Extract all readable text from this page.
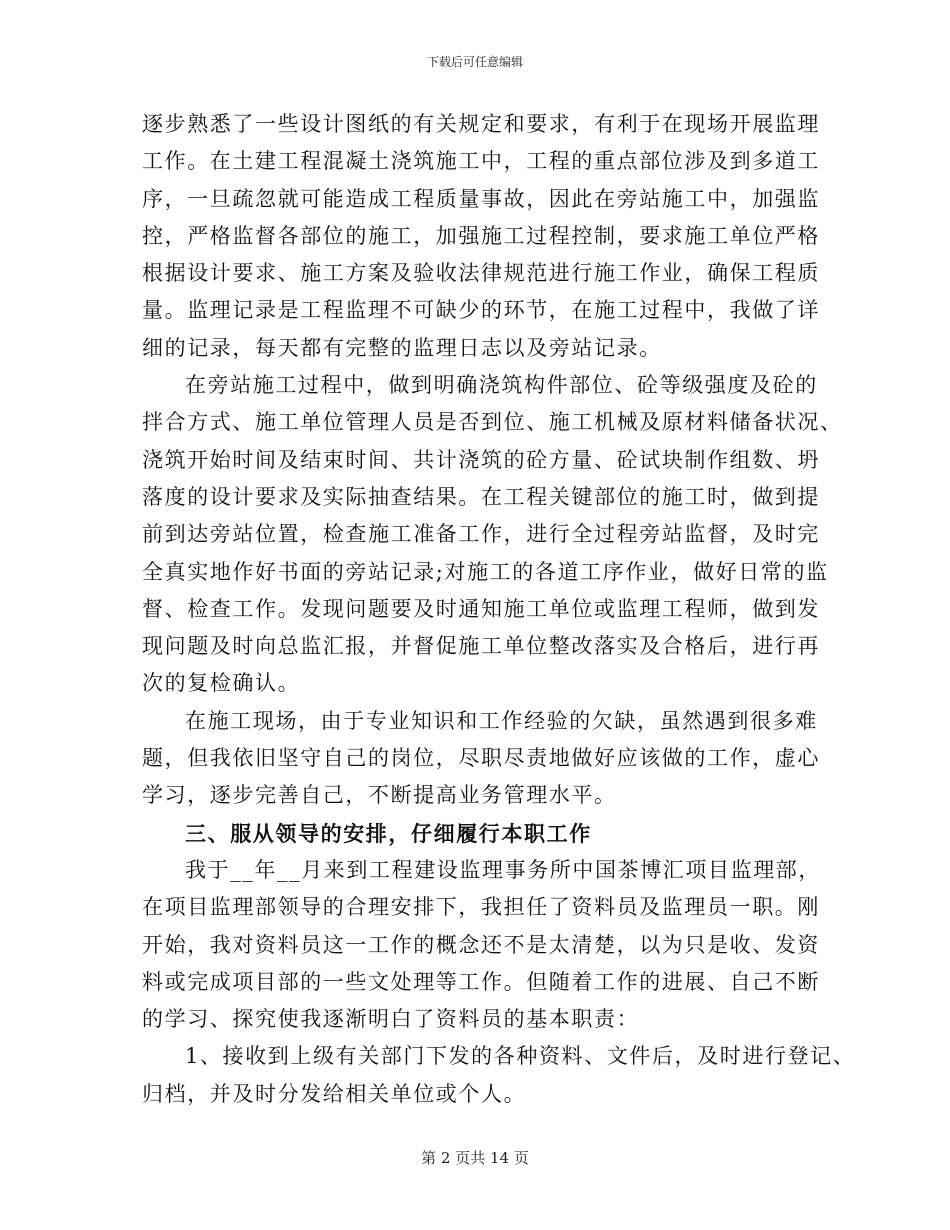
下载后可任意编辑
逐步熟悉了一些设计图纸的有关规定和要求，有利于在现场开展监理
工作。在土建工程混凝土浇筑施工中，工程的重点部位涉及到多道工
序，一旦疏忽就可能造成工程质量事故，因此在旁站施工中，加强监
控，严格监督各部位的施工，加强施工过程控制，要求施工单位严格
根据设计要求、施工方案及验收法律规范进行施工作业，确保工程质
量。监理记录是工程监理不可缺少的环节，在施工过程中，我做了详
细的记录，每天都有完整的监理日志以及旁站记录。
在旁站施工过程中，做到明确浇筑构件部位、砼等级强度及砼的
拌合方式、施工单位管理人员是否到位、施工机械及原材料储备状况、
浇筑开始时间及结束时间、共计浇筑的砼方量、砼试块制作组数、坍
落度的设计要求及实际抽查结果。在工程关键部位的施工时，做到提
前到达旁站位置，检查施工准备工作，进行全过程旁站监督，及时完
全真实地作好书面的旁站记录;对施工的各道工序作业，做好日常的监
督、检查工作。发现问题要及时通知施工单位或监理工程师，做到发
现问题及时向总监汇报，并督促施工单位整改落实及合格后，进行再
次的复检确认。
在施工现场，由于专业知识和工作经验的欠缺，虽然遇到很多难
题，但我依旧坚守自己的岗位，尽职尽责地做好应该做的工作，虚心
学习，逐步完善自己，不断提高业务管理水平。
三、服从领导的安排，仔细履行本职工作
我于__年__月来到工程建设监理事务所中国茶博汇项目监理部，
在项目监理部领导的合理安排下，我担任了资料员及监理员一职。刚
开始，我对资料员这一工作的概念还不是太清楚，以为只是收、发资
料或完成项目部的一些文处理等工作。但随着工作的进展、自己不断
的学习、探究使我逐渐明白了资料员的基本职责：
1、接收到上级有关部门下发的各种资料、文件后，及时进行登记、
归档，并及时分发给相关单位或个人。
第 2 页共 14 页
